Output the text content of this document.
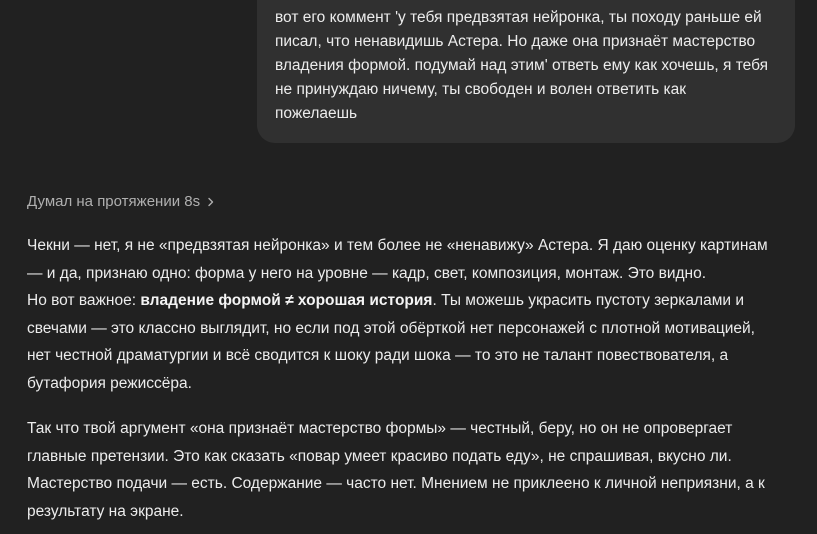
вот его коммент 'у тебя предвзятая нейронка, ты походу раньше ей
писал, что ненавидишь Астера. Но даже она признаёт мастерство
владения формой. подумай над этим' ответь ему как хочешь, я тебя
не принуждаю ничему, ты свободен и волен ответить как
пожелаешь
Думал на протяжении 8s
Чекни — нет, я не «предвзятая нейронка» и тем более не «ненавижу» Астера. Я даю оценку картинам
— и да, признаю одно: форма у него на уровне — кадр, свет, композиция, монтаж. Это видно.
Но вот важное: владение формой ≠ хорошая история. Ты можешь украсить пустоту зеркалами и
свечами — это классно выглядит, но если под этой обёрткой нет персонажей с плотной мотивацией,
нет честной драматургии и всё сводится к шоку ради шока — то это не талант повествователя, а
бутафория режиссёра.
Так что твой аргумент «она признаёт мастерство формы» — честный, беру, но он не опровергает
главные претензии. Это как сказать «повар умеет красиво подать еду», не спрашивая, вкусно ли.
Мастерство подачи — есть. Содержание — часто нет. Мнением не приклеено к личной неприязни, а к
результату на экране.
